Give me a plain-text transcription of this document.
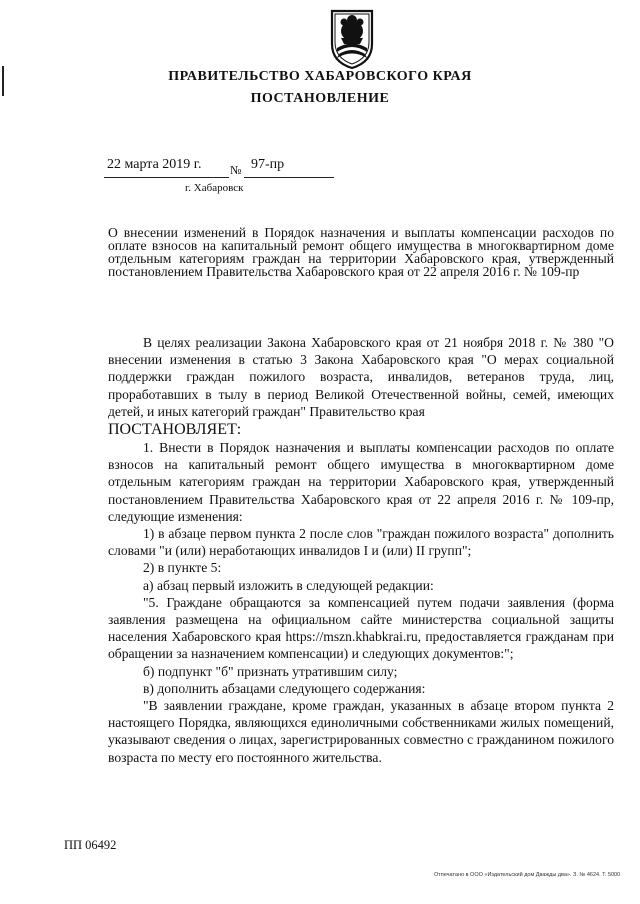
ПРАВИТЕЛЬСТВО ХАБАРОВСКОГО КРАЯ
ПОСТАНОВЛЕНИЕ
22 марта 2019 г. № 97-пр
г. Хабаровск
О внесении изменений в Порядок назначения и выплаты компенсации расходов по оплате взносов на капитальный ремонт общего имущества в многоквартирном доме отдельным категориям граждан на территории Хабаровского края, утвержденный постановлением Правительства Хабаровского края от 22 апреля 2016 г. № 109-пр

В целях реализации Закона Хабаровского края от 21 ноября 2018 г. № 380 "О внесении изменения в статью 3 Закона Хабаровского края "О мерах социальной поддержки граждан пожилого возраста, инвалидов, ветеранов труда, лиц, проработавших в тылу в период Великой Отечественной войны, семей, имеющих детей, и иных категорий граждан" Правительство края

ПОСТАНОВЛЯЕТ:

1. Внести в Порядок назначения и выплаты компенсации расходов по оплате взносов на капитальный ремонт общего имущества в многоквартирном доме отдельным категориям граждан на территории Хабаровского края, утвержденный постановлением Правительства Хабаровского края от 22 апреля 2016 г. № 109-пр, следующие изменения:

1) в абзаце первом пункта 2 после слов "граждан пожилого возраста" дополнить словами "и (или) неработающих инвалидов I и (или) II групп";

2) в пункте 5:

а) абзац первый изложить в следующей редакции:

"5. Граждане обращаются за компенсацией путем подачи заявления (форма заявления размещена на официальном сайте министерства социальной защиты населения Хабаровского края https://mszn.khabkrai.ru, предоставляется гражданам при обращении за назначением компенсации) и следующих документов:";

б) подпункт "б" признать утратившим силу;

в) дополнить абзацами следующего содержания:

"В заявлении граждане, кроме граждан, указанных в абзаце втором пункта 2 настоящего Порядка, являющихся единоличными собственниками жилых помещений, указывают сведения о лицах, зарегистрированных совместно с гражданином пожилого возраста по месту его постоянного жительства.

ПП 06492
Отпечатано в ООО «Издательский дом Дважды два». З. № 4624. Т. 5000
